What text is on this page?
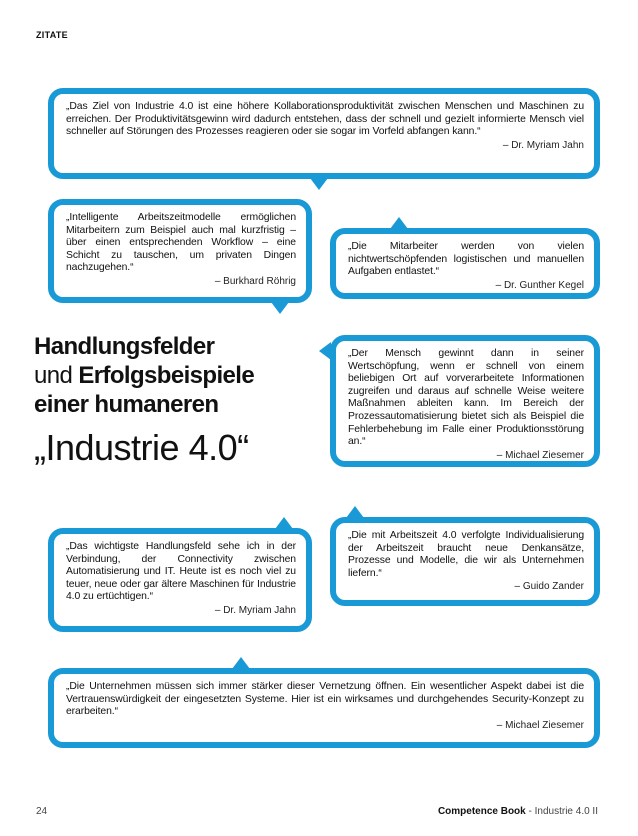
ZITATE
„Das Ziel von Industrie 4.0 ist eine höhere Kollaborationsproduktivität zwischen Menschen und Maschinen zu erreichen. Der Produktivitätsgewinn wird dadurch entstehen, dass der schnell und gezielt informierte Mensch viel schneller auf Störungen des Prozesses reagieren oder sie sogar im Vorfeld abfangen kann.“
– Dr. Myriam Jahn
„Intelligente Arbeitszeitmodelle ermöglichen Mitarbeitern zum Beispiel auch mal kurzfristig – über einen entsprechenden Workflow – eine Schicht zu tauschen, um privaten Dingen nachzugehen.“
– Burkhard Röhrig
„Die Mitarbeiter werden von vielen nichtwertschöpfenden logistischen und manuellen Aufgaben entlastet.“
– Dr. Gunther Kegel
Handlungsfelder
und Erfolgsbeispiele
einer humaneren
„Industrie 4.0“
„Der Mensch gewinnt dann in seiner Wertschöpfung, wenn er schnell von einem beliebigen Ort auf vorverarbeitete Informationen zugreifen und daraus auf schnelle Weise weitere Maßnahmen ableiten kann. Im Bereich der Prozessautomatisierung bietet sich als Beispiel die Fehlerbehebung im Falle einer Produktionsstörung an.“
– Michael Ziesemer
„Die mit Arbeitszeit 4.0 verfolgte Individualisierung der Arbeitszeit braucht neue Denkansätze, Prozesse und Modelle, die wir als Unternehmen liefern.“
– Guido Zander
„Das wichtigste Handlungsfeld sehe ich in der Verbindung, der Connectivity zwischen Automatisierung und IT. Heute ist es noch viel zu teuer, neue oder gar ältere Maschinen für Industrie 4.0 zu ertüchtigen.“
– Dr. Myriam Jahn
„Die Unternehmen müssen sich immer stärker dieser Vernetzung öffnen. Ein wesentlicher Aspekt dabei ist die Vertrauenswürdigkeit der eingesetzten Systeme. Hier ist ein wirksames und durchgehendes Security-Konzept zu erarbeiten.“
– Michael Ziesemer
24	Competence Book - Industrie 4.0 II
